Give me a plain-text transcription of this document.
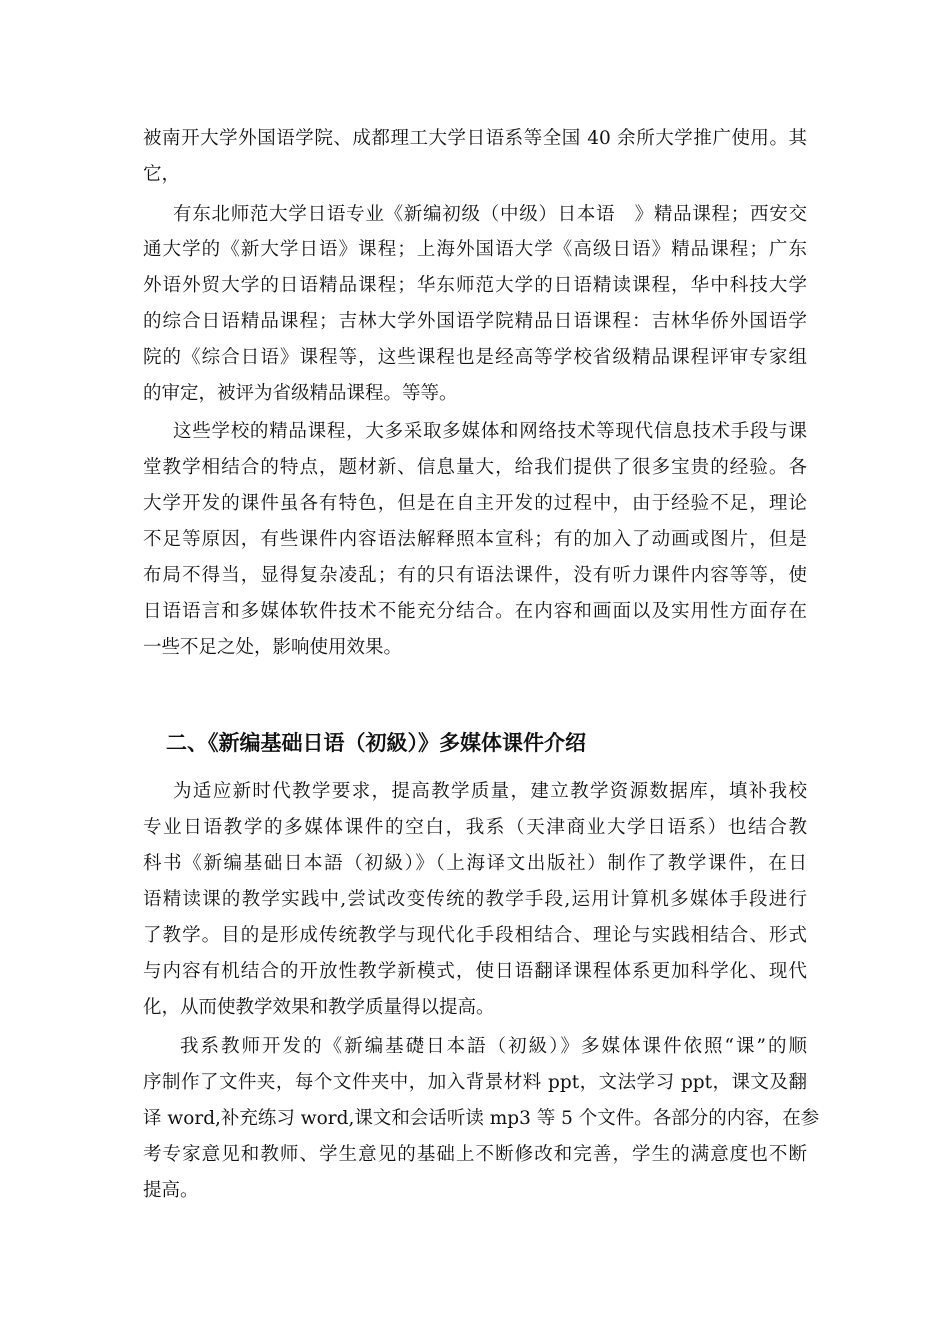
被南开大学外国语学院、成都理工大学日语系等全国 40 余所大学推广使用。其
它，
有东北师范大学日语专业《新编初级（中级）日本语　》精品课程；西安交
通大学的《新大学日语》课程；上海外国语大学《高级日语》精品课程；广东
外语外贸大学的日语精品课程；华东师范大学的日语精读课程，华中科技大学
的综合日语精品课程；吉林大学外国语学院精品日语课程：吉林华侨外国语学
院的《综合日语》课程等，这些课程也是经高等学校省级精品课程评审专家组
的审定，被评为省级精品课程。等等。
这些学校的精品课程，大多采取多媒体和网络技术等现代信息技术手段与课
堂教学相结合的特点，题材新、信息量大，给我们提供了很多宝贵的经验。各
大学开发的课件虽各有特色，但是在自主开发的过程中，由于经验不足，理论
不足等原因，有些课件内容语法解释照本宣科；有的加入了动画或图片，但是
布局不得当，显得复杂凌乱；有的只有语法课件，没有听力课件内容等等，使
日语语言和多媒体软件技术不能充分结合。在内容和画面以及实用性方面存在
一些不足之处，影响使用效果。
二、《新编基础日语（初級）》多媒体课件介绍
为适应新时代教学要求，提高教学质量，建立教学资源数据库，填补我校
专业日语教学的多媒体课件的空白，我系（天津商业大学日语系）也结合教
科书《新编基础日本語（初級）》（上海译文出版社）制作了教学课件，在日
语精读课的教学实践中,尝试改变传统的教学手段,运用计算机多媒体手段进行
了教学。目的是形成传统教学与现代化手段相结合、理论与实践相结合、形式
与内容有机结合的开放性教学新模式，使日语翻译课程体系更加科学化、现代
化，从而使教学效果和教学质量得以提高。
我系教师开发的《新编基礎日本語（初級）》多媒体课件依照“课”的顺
序制作了文件夹，每个文件夹中，加入背景材料 ppt，文法学习 ppt，课文及翻
译 word,补充练习 word,课文和会话听读 mp3 等 5 个文件。各部分的内容，在参
考专家意见和教师、学生意见的基础上不断修改和完善，学生的满意度也不断
提高。
